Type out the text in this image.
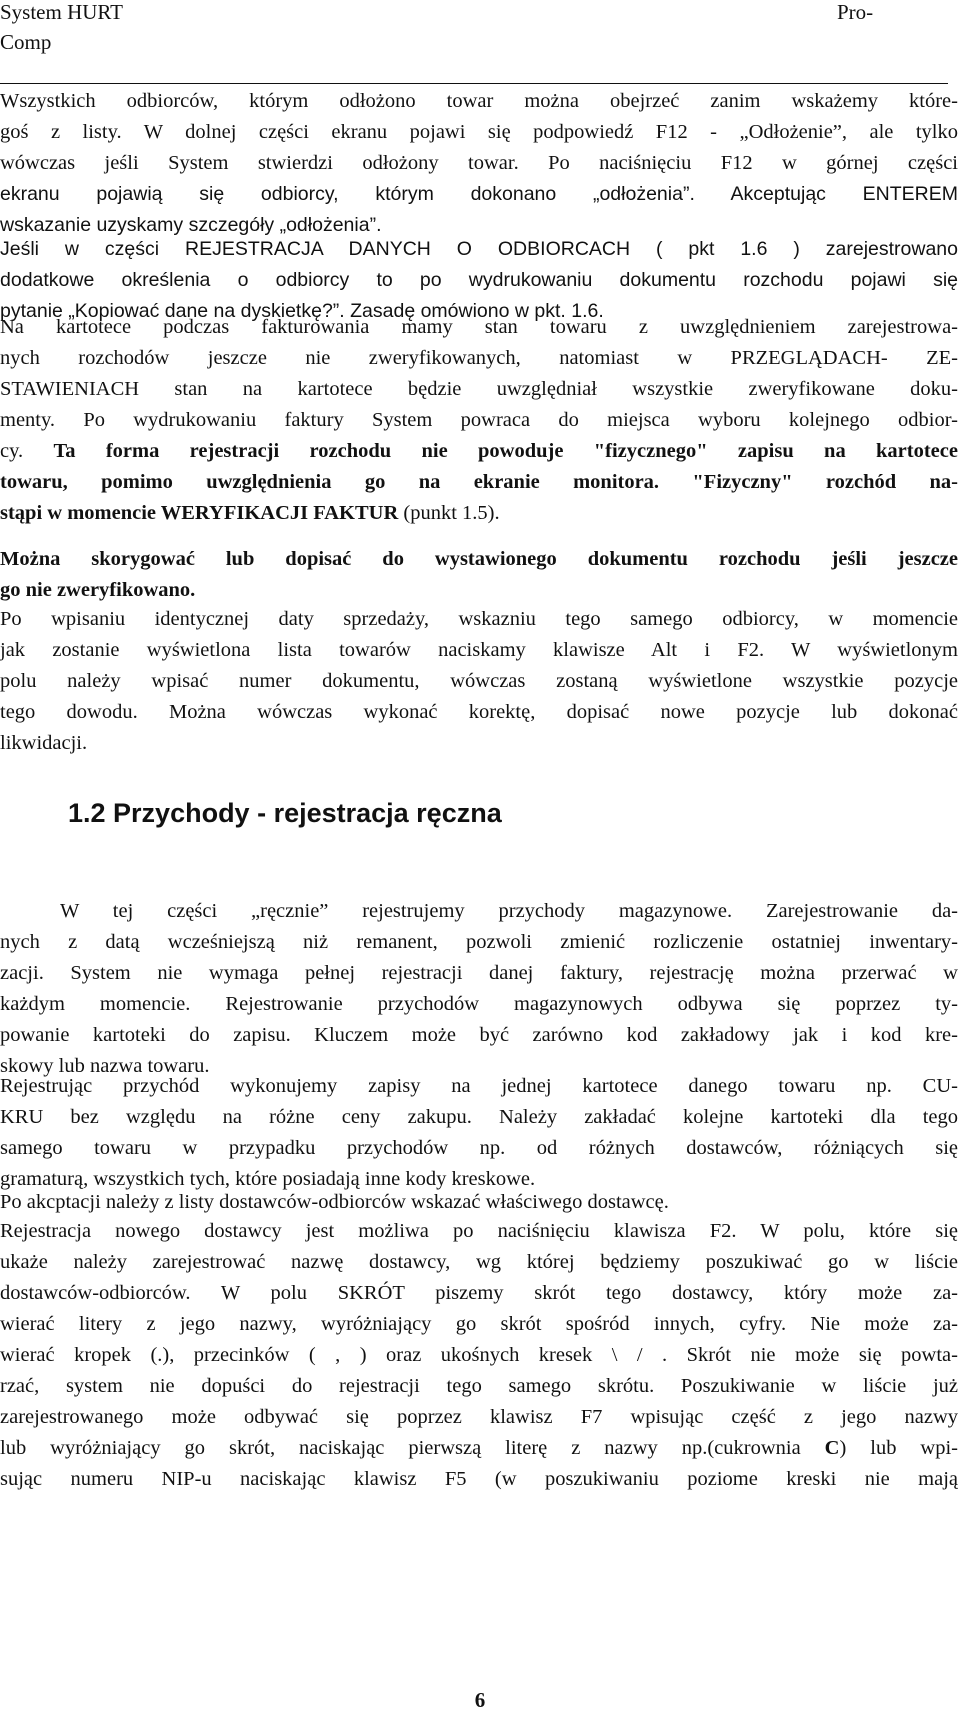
System HURT	Pro-
Comp
Wszystkich odbiorców, którym odłożono towar można obejrzeć zanim wskażemy które-
goś z listy. W dolnej części ekranu pojawi się podpowiedź F12 - „Odłożenie”, ale tylko
wówczas jeśli System stwierdzi odłożony towar. Po naciśnięciu F12 w górnej części
ekranu pojawią się odbiorcy, którym dokonano „odłożenia”. Akceptując ENTEREM
wskazanie uzyskamy szczegóły „odłożenia”.
Jeśli w części REJESTRACJA DANYCH O ODBIORCACH ( pkt 1.6 ) zarejestrowano
dodatkowe określenia o odbiorcy to po wydrukowaniu dokumentu rozchodu pojawi się
pytanie „Kopiować dane na dyskietkę?”. Zasadę omówiono w pkt. 1.6.
Na kartotece podczas fakturowania mamy stan towaru z uwzględnieniem zarejestrowa-
nych rozchodów jeszcze nie zweryfikowanych, natomiast w PRZEGLĄDACH- ZE-
STAWIENIACH stan na kartotece będzie uwzględniał wszystkie zweryfikowane doku-
menty. Po wydrukowaniu faktury System powraca do miejsca wyboru kolejnego odbior-
cy. Ta forma rejestracji rozchodu nie powoduje "fizycznego" zapisu na kartotece
towaru, pomimo uwzględnienia go na ekranie monitora. "Fizyczny" rozchód na-
stąpi w momencie WERYFIKACJI FAKTUR (punkt 1.5).
Można skorygować lub dopisać do wystawionego dokumentu rozchodu jeśli jeszcze
go nie zweryfikowano.
Po wpisaniu identycznej daty sprzedaży, wskazniu tego samego odbiorcy, w momencie
jak zostanie wyświetlona lista towarów naciskamy klawisze Alt i F2. W wyświetlonym
polu należy wpisać numer dokumentu, wówczas zostaną wyświetlone wszystkie pozycje
tego dowodu. Można wówczas wykonać korektę, dopisać nowe pozycje lub dokonać
likwidacji.
1.2 Przychody - rejestracja ręczna
W tej części „ręcznie” rejestrujemy przychody magazynowe. Zarejestrowanie da-
nych z datą wcześniejszą niż remanent, pozwoli zmienić rozliczenie ostatniej inwentary-
zacji. System nie wymaga pełnej rejestracji danej faktury, rejestrację można przerwać w
każdym momencie. Rejestrowanie przychodów magazynowych odbywa się poprzez ty-
powanie kartoteki do zapisu. Kluczem może być zarówno kod zakładowy jak i kod kre-
skowy lub nazwa towaru.
Rejestrując przychód wykonujemy zapisy na jednej kartotece danego towaru np. CU-
KRU bez względu na różne ceny zakupu. Należy zakładać kolejne kartoteki dla tego
samego towaru w przypadku przychodów np. od różnych dostawców, różniących się
gramaturą, wszystkich tych, które posiadają inne kody kreskowe.
Po akcptacji należy z listy dostawców-odbiorców wskazać właściwego dostawcę.
Rejestracja nowego dostawcy jest możliwa po naciśnięciu klawisza F2. W polu, które się
ukaże należy zarejestrować nazwę dostawcy, wg której będziemy poszukiwać go w liście
dostawców-odbiorców. W polu SKRÓT piszemy skrót tego dostawcy, który może za-
wierać litery z jego nazwy, wyróżniający go skrót spośród innych, cyfry. Nie może za-
wierać kropek (.), przecinków ( , ) oraz ukośnych kresek \ / . Skrót nie może się powta-
rzać, system nie dopuści do rejestracji tego samego skrótu. Poszukiwanie w liście już
zarejestrowanego może odbywać się poprzez klawisz F7 wpisując część z jego nazwy
lub wyróżniający go skrót, naciskając pierwszą literę z nazwy np.(cukrownia C) lub wpi-
sując numeru NIP-u naciskając klawisz F5 (w poszukiwaniu poziome kreski nie mają
6
